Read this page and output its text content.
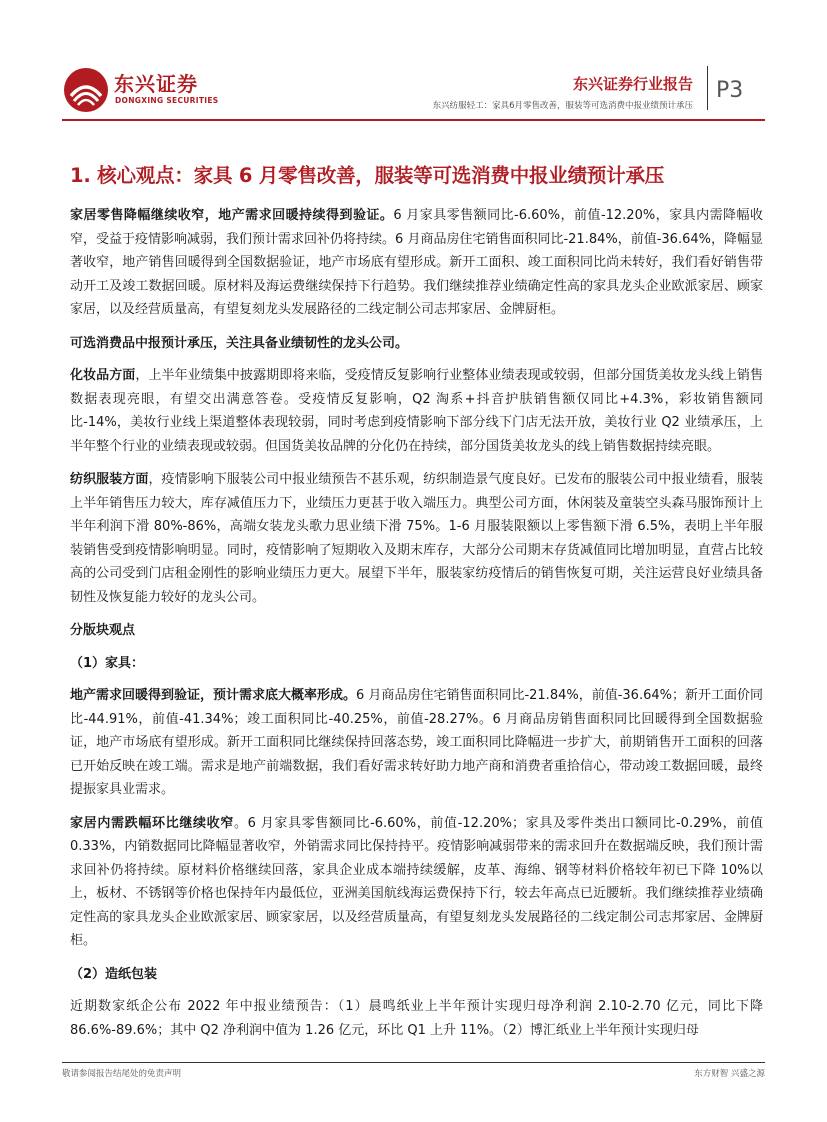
东兴证券
DONGXING SECURITIES
东兴证券行业报告
东兴纺服轻工：家具6月零售改善，服装等可选消费中报业绩预计承压
P3
1. 核心观点：家具 6 月零售改善，服装等可选消费中报业绩预计承压

家居零售降幅继续收窄，地产需求回暖持续得到验证。6 月家具零售额同比-6.60%，前值-12.20%，家具内需降幅收窄，受益于疫情影响减弱，我们预计需求回补仍将持续。6 月商品房住宅销售面积同比-21.84%，前值-36.64%，降幅显著收窄，地产销售回暖得到全国数据验证，地产市场底有望形成。新开工面积、竣工面积同比尚未转好，我们看好销售带动开工及竣工数据回暖。原材料及海运费继续保持下行趋势。我们继续推荐业绩确定性高的家具龙头企业欧派家居、顾家家居，以及经营质量高，有望复刻龙头发展路径的二线定制公司志邦家居、金牌厨柜。

可选消费品中报预计承压，关注具备业绩韧性的龙头公司。

化妆品方面，上半年业绩集中披露期即将来临，受疫情反复影响行业整体业绩表现或较弱，但部分国货美妆龙头线上销售数据表现亮眼，有望交出满意答卷。受疫情反复影响，Q2 淘系+抖音护肤销售额仅同比+4.3%，彩妆销售额同比-14%，美妆行业线上渠道整体表现较弱，同时考虑到疫情影响下部分线下门店无法开放，美妆行业 Q2 业绩承压，上半年整个行业的业绩表现或较弱。但国货美妆品牌的分化仍在持续，部分国货美妆龙头的线上销售数据持续亮眼。

纺织服装方面，疫情影响下服装公司中报业绩预告不甚乐观，纺织制造景气度良好。已发布的服装公司中报业绩看，服装上半年销售压力较大，库存减值压力下，业绩压力更甚于收入端压力。典型公司方面，休闲装及童装空头森马服饰预计上半年利润下滑 80%-86%，高端女装龙头歌力思业绩下滑 75%。1-6 月服装限额以上零售额下滑 6.5%，表明上半年服装销售受到疫情影响明显。同时，疫情影响了短期收入及期末库存，大部分公司期末存货减值同比增加明显，直营占比较高的公司受到门店租金刚性的影响业绩压力更大。展望下半年，服装家纺疫情后的销售恢复可期，关注运营良好业绩具备韧性及恢复能力较好的龙头公司。

分版块观点
（1）家具：

地产需求回暖得到验证，预计需求底大概率形成。6 月商品房住宅销售面积同比-21.84%，前值-36.64%；新开工面价同比-44.91%，前值-41.34%；竣工面积同比-40.25%，前值-28.27%。6 月商品房销售面积同比回暖得到全国数据验证，地产市场底有望形成。新开工面积同比继续保持回落态势，竣工面积同比降幅进一步扩大，前期销售开工面积的回落已开始反映在竣工端。需求是地产前端数据，我们看好需求转好助力地产商和消费者重拾信心，带动竣工数据回暖，最终提振家具业需求。

家居内需跌幅环比继续收窄。6 月家具零售额同比-6.60%，前值-12.20%；家具及零件类出口额同比-0.29%，前值 0.33%，内销数据同比降幅显著收窄，外销需求同比保持持平。疫情影响减弱带来的需求回升在数据端反映，我们预计需求回补仍将持续。原材料价格继续回落，家具企业成本端持续缓解，皮革、海绵、钢等材料价格较年初已下降 10%以上，板材、不锈钢等价格也保持年内最低位，亚洲美国航线海运费保持下行，较去年高点已近腰斩。我们继续推荐业绩确定性高的家具龙头企业欧派家居、顾家家居，以及经营质量高，有望复刻龙头发展路径的二线定制公司志邦家居、金牌厨柜。

（2）造纸包装

近期数家纸企公布 2022 年中报业绩预告：（1）晨鸣纸业上半年预计实现归母净利润 2.10-2.70 亿元，同比下降 86.6%-89.6%；其中 Q2 净利润中值为 1.26 亿元，环比 Q1 上升 11%。（2）博汇纸业上半年预计实现归母

敬请参阅报告结尾处的免责声明	东方财智 兴盛之源
